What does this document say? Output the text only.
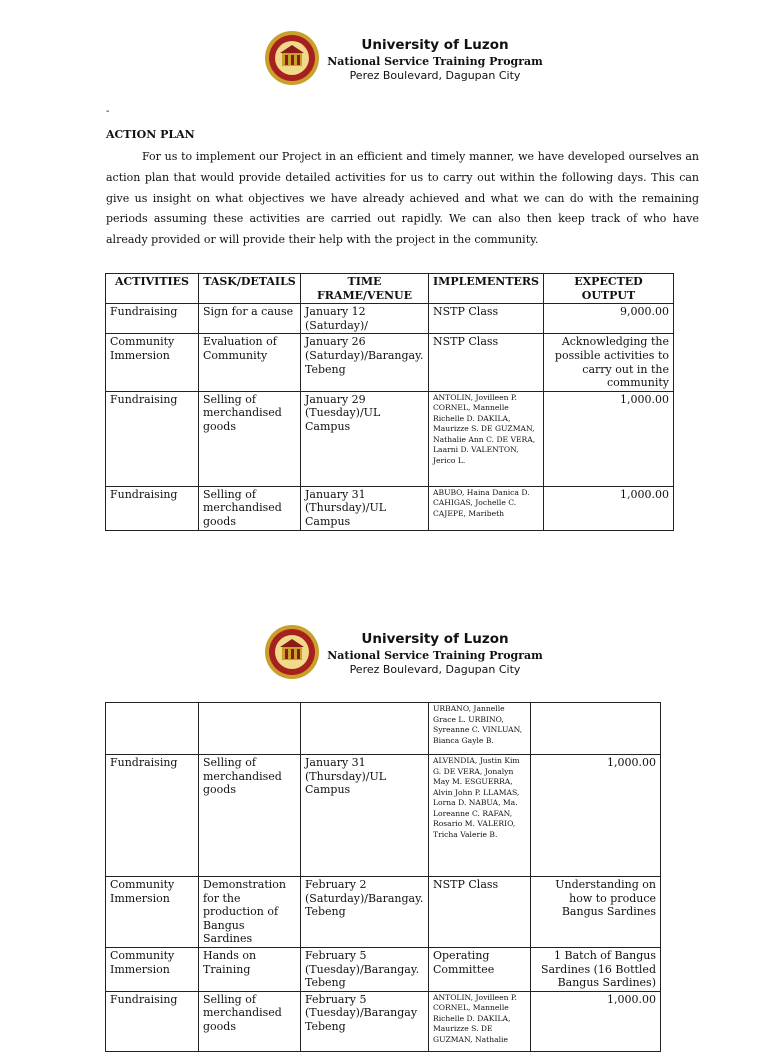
University of Luzon
National Service Training Program
Perez Boulevard, Dagupan City
-
ACTION PLAN
For us to implement our Project in an efficient and timely manner, we have developed ourselves an action plan that would provide detailed activities for us to carry out within the following days. This can give us insight on what objectives we have already achieved and what we can do with the remaining periods assuming these activities are carried out rapidly. We can also then keep track of who have already provided or will provide their help with the project in the community.
ACTIVITIES	TASK/DETAILS	TIME FRAME/VENUE	IMPLEMENTERS	EXPECTED OUTPUT
Fundraising	Sign for a cause	January 12 (Saturday)/	NSTP Class	9,000.00
Community Immersion	Evaluation of Community	January 26 (Saturday)/Barangay. Tebeng	NSTP Class	Acknowledging the possible activities to carry out in the community
Fundraising	Selling of merchandised goods	January 29 (Tuesday)/UL Campus	ANTOLIN, Jovilleen P. CORNEL, Mannelle Richelle D. DAKILA, Maurizze S. DE GUZMAN, Nathalie Ann C. DE VERA, Laarni D. VALENTON, Jerico L.	1,000.00
Fundraising	Selling of merchandised goods	January 31 (Thursday)/UL Campus	ABUBO, Haina Danica D. CAHIGAS, Jochelle C. CAJEPE, Maribeth	1,000.00
University of Luzon
National Service Training Program
Perez Boulevard, Dagupan City
			URBANO, Jannelle Grace L. URBINO, Syreanne C. VINLUAN, Bianca Gayle B.	
Fundraising	Selling of merchandised goods	January 31 (Thursday)/UL Campus	ALVENDIA, Justin Kim G. DE VERA, Jonalyn May M. ESGUERRA, Alvin John P. LLAMAS, Lorna D. NABUA, Ma. Loreanne C. RAFAN, Rosario M. VALERIO, Tricha Valerie B.	1,000.00
Community Immersion	Demonstration for the production of Bangus Sardines	February 2 (Saturday)/Barangay. Tebeng	NSTP Class	Understanding on how to produce Bangus Sardines
Community Immersion	Hands on Training	February 5 (Tuesday)/Barangay. Tebeng	Operating Committee	1 Batch of Bangus Sardines (16 Bottled Bangus Sardines)
Fundraising	Selling of merchandised goods	February 5 (Tuesday)/Barangay Tebeng	ANTOLIN, Jovilleen P. CORNEL, Mannelle Richelle D. DAKILA, Maurizze S. DE GUZMAN, Nathalie	1,000.00
